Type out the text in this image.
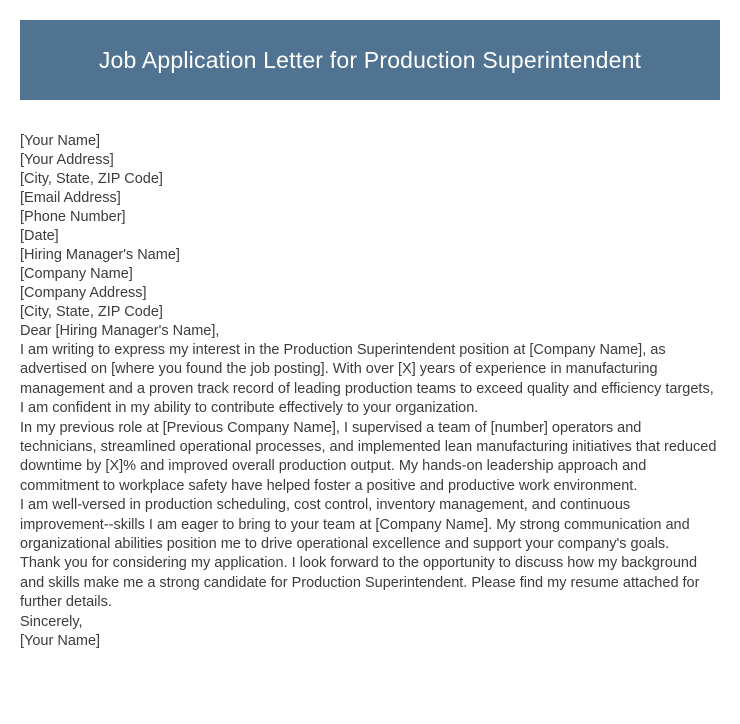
Job Application Letter for Production Superintendent

[Your Name]

[Your Address]

[City, State, ZIP Code]

[Email Address]

[Phone Number]

[Date]

[Hiring Manager's Name]

[Company Name]

[Company Address]

[City, State, ZIP Code]

Dear [Hiring Manager's Name],

I am writing to express my interest in the Production Superintendent position at [Company Name], as advertised on [where you found the job posting]. With over [X] years of experience in manufacturing management and a proven track record of leading production teams to exceed quality and efficiency targets, I am confident in my ability to contribute effectively to your organization.

In my previous role at [Previous Company Name], I supervised a team of [number] operators and technicians, streamlined operational processes, and implemented lean manufacturing initiatives that reduced downtime by [X]% and improved overall production output. My hands-on leadership approach and commitment to workplace safety have helped foster a positive and productive work environment.

I am well-versed in production scheduling, cost control, inventory management, and continuous improvement--skills I am eager to bring to your team at [Company Name]. My strong communication and organizational abilities position me to drive operational excellence and support your company's goals.

Thank you for considering my application. I look forward to the opportunity to discuss how my background and skills make me a strong candidate for Production Superintendent. Please find my resume attached for further details.

Sincerely,

[Your Name]
